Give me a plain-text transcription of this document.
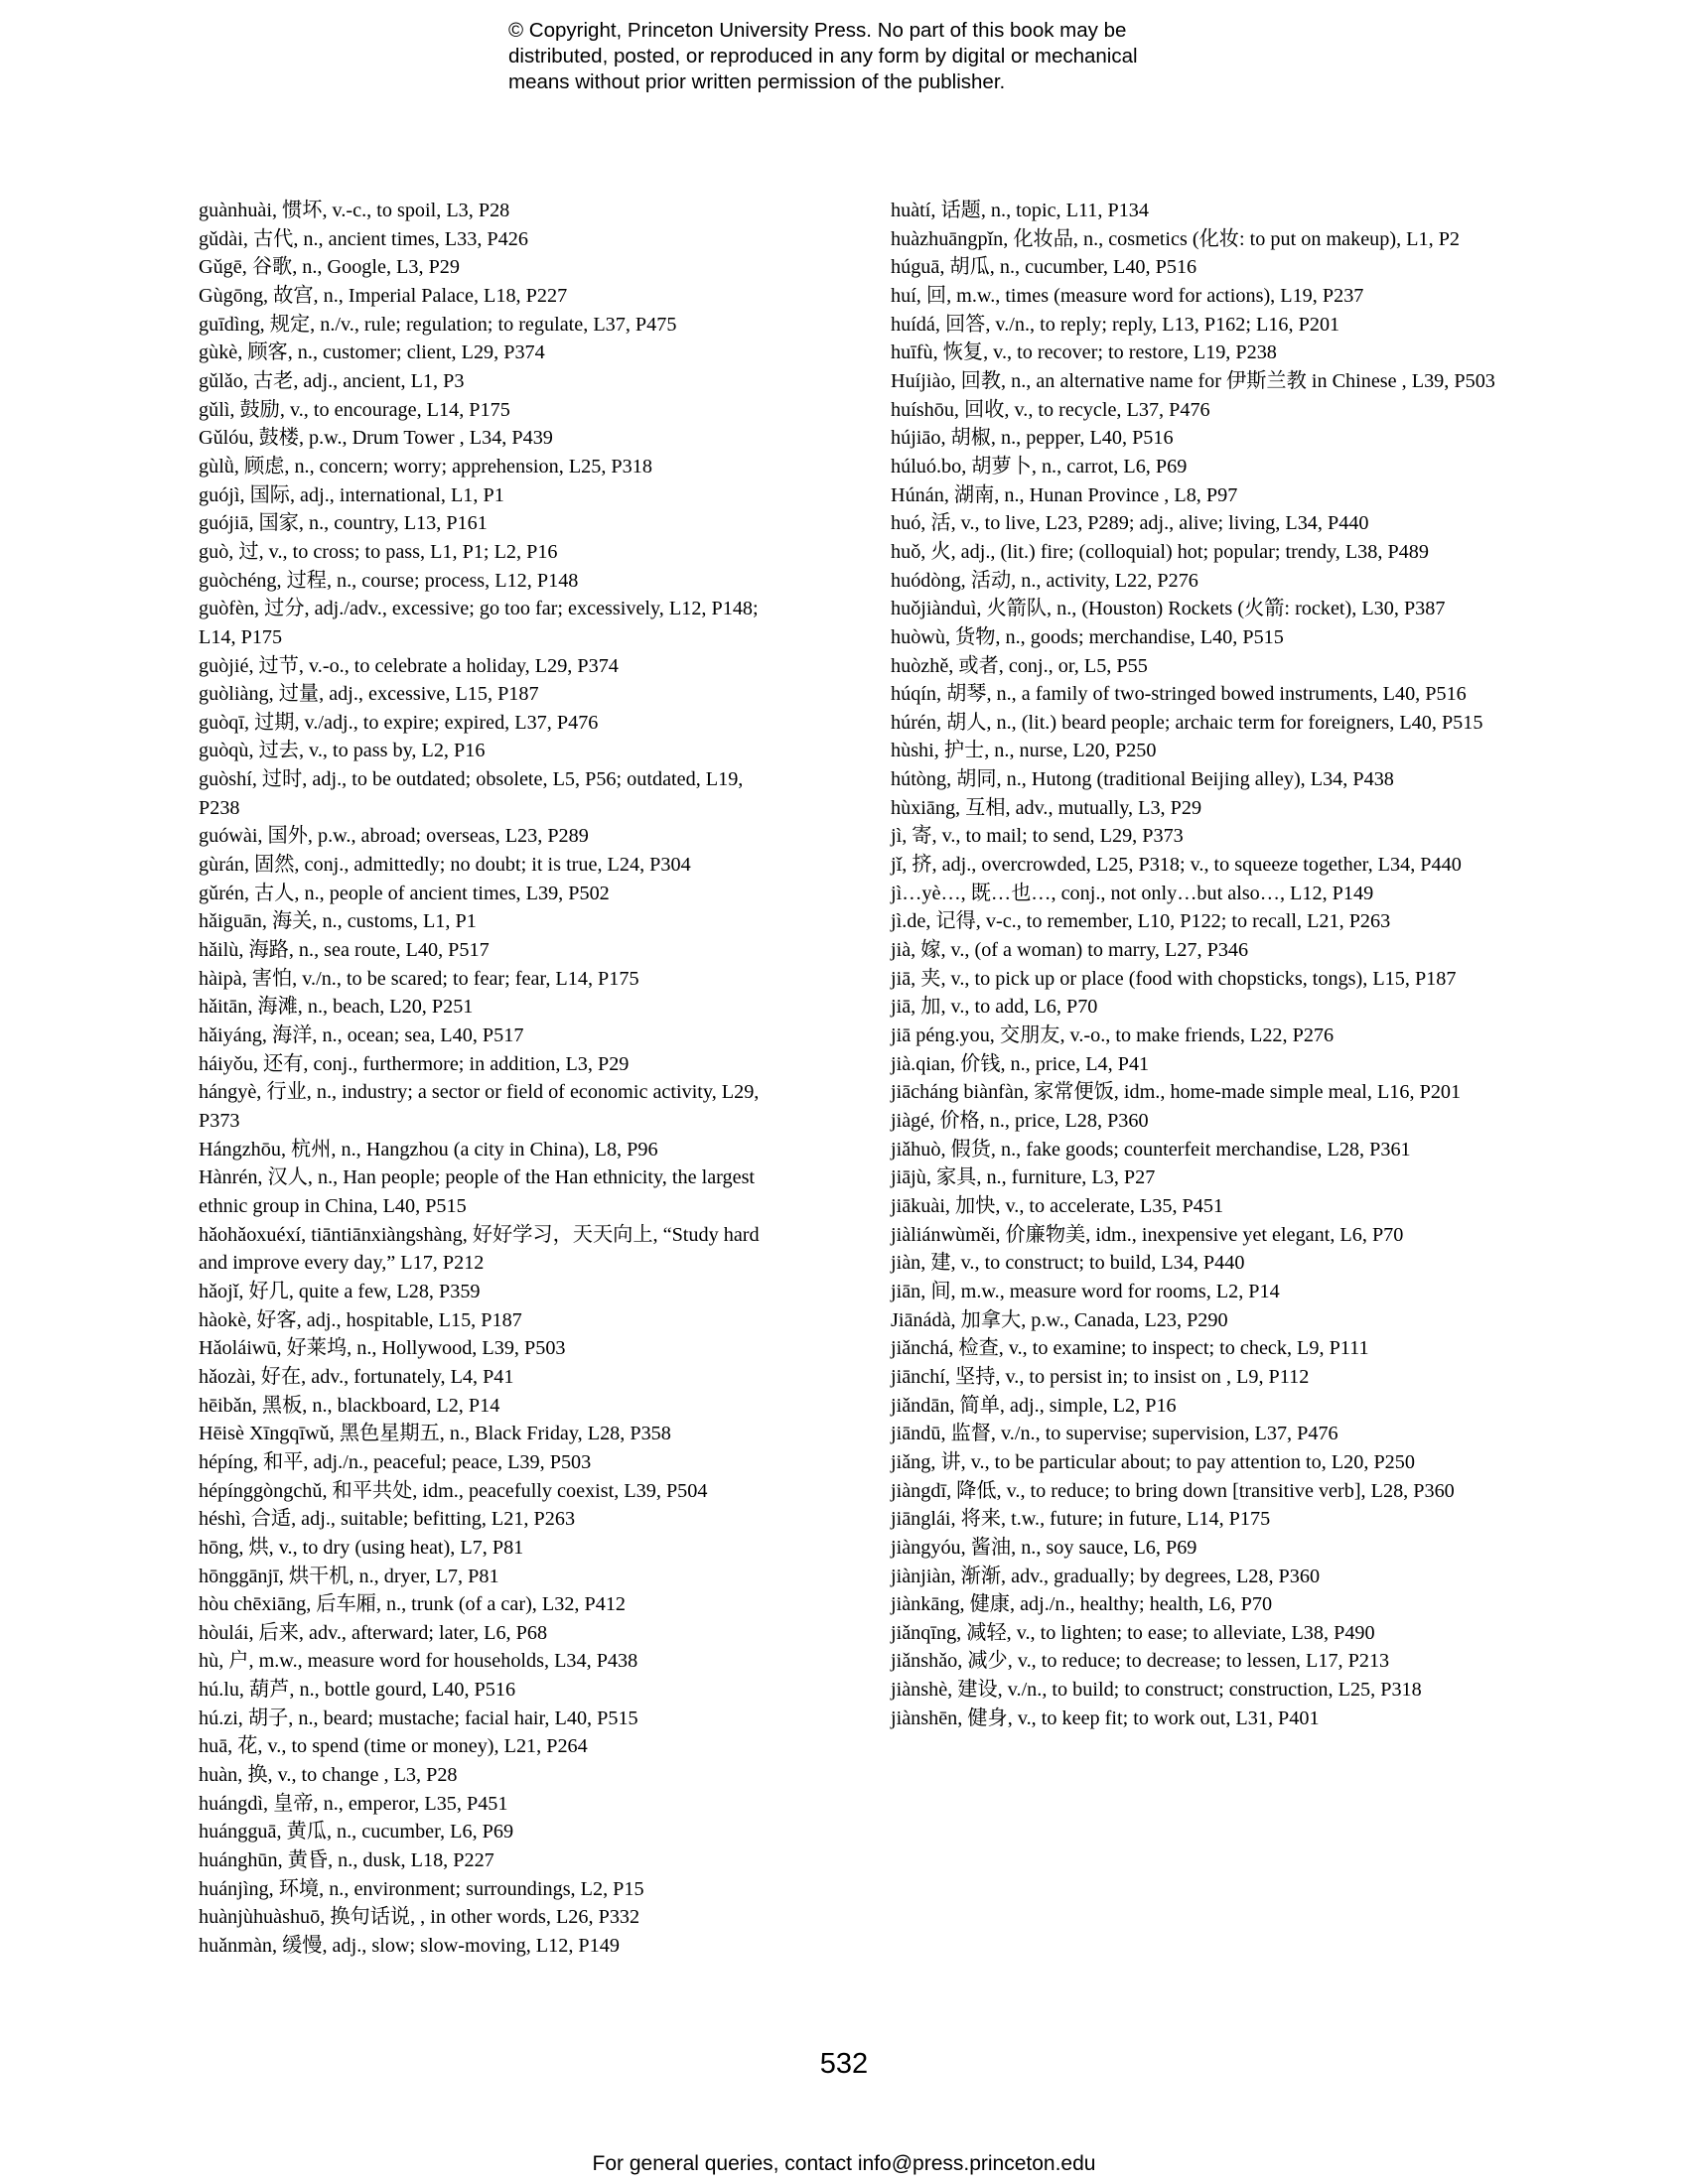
© Copyright, Princeton University Press. No part of this book may be
distributed, posted, or reproduced in any form by digital or mechanical
means without prior written permission of the publisher.
guànhuài, 惯坏, v.-c., to spoil, L3, P28
gǔdài, 古代, n., ancient times, L33, P426
Gǔgē, 谷歌, n., Google, L3, P29
Gùgōng, 故宫, n., Imperial Palace, L18, P227
guīdìng, 规定, n./v., rule; regulation; to regulate, L37, P475
gùkè, 顾客, n., customer; client, L29, P374
gǔlǎo, 古老, adj., ancient, L1, P3
gǔlì, 鼓励, v., to encourage, L14, P175
Gǔlóu, 鼓楼, p.w., Drum Tower , L34, P439
gùlǜ, 顾虑, n., concern; worry; apprehension, L25, P318
guójì, 国际, adj., international, L1, P1
guójiā, 国家, n., country, L13, P161
guò, 过, v., to cross; to pass, L1, P1; L2, P16
guòchéng, 过程, n., course; process, L12, P148
guòfèn, 过分, adj./adv., excessive; go too far; excessively, L12, P148; L14, P175
guòjié, 过节, v.-o., to celebrate a holiday, L29, P374
guòliàng, 过量, adj., excessive, L15, P187
guòqī, 过期, v./adj., to expire; expired, L37, P476
guòqù, 过去, v., to pass by, L2, P16
guòshí, 过时, adj., to be outdated; obsolete, L5, P56; outdated, L19, P238
guówài, 国外, p.w., abroad; overseas, L23, P289
gùrán, 固然, conj., admittedly; no doubt; it is true, L24, P304
gǔrén, 古人, n., people of ancient times, L39, P502
hǎiguān, 海关, n., customs, L1, P1
hǎilù, 海路, n., sea route, L40, P517
hàipà, 害怕, v./n., to be scared; to fear; fear, L14, P175
hǎitān, 海滩, n., beach, L20, P251
hǎiyáng, 海洋, n., ocean; sea, L40, P517
háiyǒu, 还有, conj., furthermore; in addition, L3, P29
hángyè, 行业, n., industry; a sector or field of economic activity, L29, P373
Hángzhōu, 杭州, n., Hangzhou (a city in China), L8, P96
Hànrén, 汉人, n., Han people; people of the Han ethnicity, the largest ethnic group in China, L40, P515
hǎohǎoxuéxí, tiāntiānxiàngshàng, 好好学习，天天向上, “Study hard and improve every day,” L17, P212
hǎojǐ, 好几, quite a few, L28, P359
hàokè, 好客, adj., hospitable, L15, P187
Hǎoláiwū, 好莱坞, n., Hollywood, L39, P503
hǎozài, 好在, adv., fortunately, L4, P41
hēibǎn, 黑板, n., blackboard, L2, P14
Hēisè Xīngqīwǔ, 黑色星期五, n., Black Friday, L28, P358
hépíng, 和平, adj./n., peaceful; peace, L39, P503
hépínggòngchǔ, 和平共处, idm., peacefully coexist, L39, P504
héshì, 合适, adj., suitable; befitting, L21, P263
hōng, 烘, v., to dry (using heat), L7, P81
hōnggānjī, 烘干机, n., dryer, L7, P81
hòu chēxiāng, 后车厢, n., trunk (of a car), L32, P412
hòulái, 后来, adv., afterward; later, L6, P68
hù, 户, m.w., measure word for households, L34, P438
hú.lu, 葫芦, n., bottle gourd, L40, P516
hú.zi, 胡子, n., beard; mustache; facial hair, L40, P515
huā, 花, v., to spend (time or money), L21, P264
huàn, 换, v., to change , L3, P28
huángdì, 皇帝, n., emperor, L35, P451
huángguā, 黄瓜, n., cucumber, L6, P69
huánghūn, 黄昏, n., dusk, L18, P227
huánjìng, 环境, n., environment; surroundings, L2, P15
huànjùhuàshuō, 换句话说, , in other words, L26, P332
huǎnmàn, 缓慢, adj., slow; slow-moving, L12, P149
huàtí, 话题, n., topic, L11, P134
huàzhuāngpǐn, 化妆品, n., cosmetics (化妆: to put on makeup), L1, P2
húguā, 胡瓜, n., cucumber, L40, P516
huí, 回, m.w., times (measure word for actions), L19, P237
huídá, 回答, v./n., to reply; reply, L13, P162; L16, P201
huīfù, 恢复, v., to recover; to restore, L19, P238
Huíjiào, 回教, n., an alternative name for 伊斯兰教 in Chinese , L39, P503
huíshōu, 回收, v., to recycle, L37, P476
hújiāo, 胡椒, n., pepper, L40, P516
húluó.bo, 胡萝卜, n., carrot, L6, P69
Húnán, 湖南, n., Hunan Province , L8, P97
huó, 活, v., to live, L23, P289; adj., alive; living, L34, P440
huǒ, 火, adj., (lit.) fire; (colloquial) hot; popular; trendy, L38, P489
huódòng, 活动, n., activity, L22, P276
huǒjiànduì, 火箭队, n., (Houston) Rockets (火箭: rocket), L30, P387
huòwù, 货物, n., goods; merchandise, L40, P515
huòzhě, 或者, conj., or, L5, P55
húqín, 胡琴, n., a family of two-stringed bowed instruments, L40, P516
húrén, 胡人, n., (lit.) beard people; archaic term for foreigners, L40, P515
hùshi, 护士, n., nurse, L20, P250
hútòng, 胡同, n., Hutong (traditional Beijing alley), L34, P438
hùxiāng, 互相, adv., mutually, L3, P29
jì, 寄, v., to mail; to send, L29, P373
jǐ, 挤, adj., overcrowded, L25, P318; v., to squeeze together, L34, P440
jì…yè…, 既…也…, conj., not only…but also…, L12, P149
jì.de, 记得, v-c., to remember, L10, P122; to recall, L21, P263
jià, 嫁, v., (of a woman) to marry, L27, P346
jiā, 夹, v., to pick up or place (food with chopsticks, tongs), L15, P187
jiā, 加, v., to add, L6, P70
jiā péng.you, 交朋友, v.-o., to make friends, L22, P276
jià.qian, 价钱, n., price, L4, P41
jiācháng biànfàn, 家常便饭, idm., home-made simple meal, L16, P201
jiàgé, 价格, n., price, L28, P360
jiǎhuò, 假货, n., fake goods; counterfeit merchandise, L28, P361
jiājù, 家具, n., furniture, L3, P27
jiākuài, 加快, v., to accelerate, L35, P451
jiàliánwùměi, 价廉物美, idm., inexpensive yet elegant, L6, P70
jiàn, 建, v., to construct; to build, L34, P440
jiān, 间, m.w., measure word for rooms, L2, P14
Jiānádà, 加拿大, p.w., Canada, L23, P290
jiǎnchá, 检查, v., to examine; to inspect; to check, L9, P111
jiānchí, 坚持, v., to persist in; to insist on , L9, P112
jiǎndān, 简单, adj., simple, L2, P16
jiāndū, 监督, v./n., to supervise; supervision, L37, P476
jiǎng, 讲, v., to be particular about; to pay attention to, L20, P250
jiàngdī, 降低, v., to reduce; to bring down [transitive verb], L28, P360
jiānglái, 将来, t.w., future; in future, L14, P175
jiàngyóu, 酱油, n., soy sauce, L6, P69
jiànjiàn, 渐渐, adv., gradually; by degrees, L28, P360
jiànkāng, 健康, adj./n., healthy; health, L6, P70
jiǎnqīng, 减轻, v., to lighten; to ease; to alleviate, L38, P490
jiǎnshǎo, 减少, v., to reduce; to decrease; to lessen, L17, P213
jiànshè, 建设, v./n., to build; to construct; construction, L25, P318
jiànshēn, 健身, v., to keep fit; to work out, L31, P401

532

For general queries, contact info@press.princeton.edu
